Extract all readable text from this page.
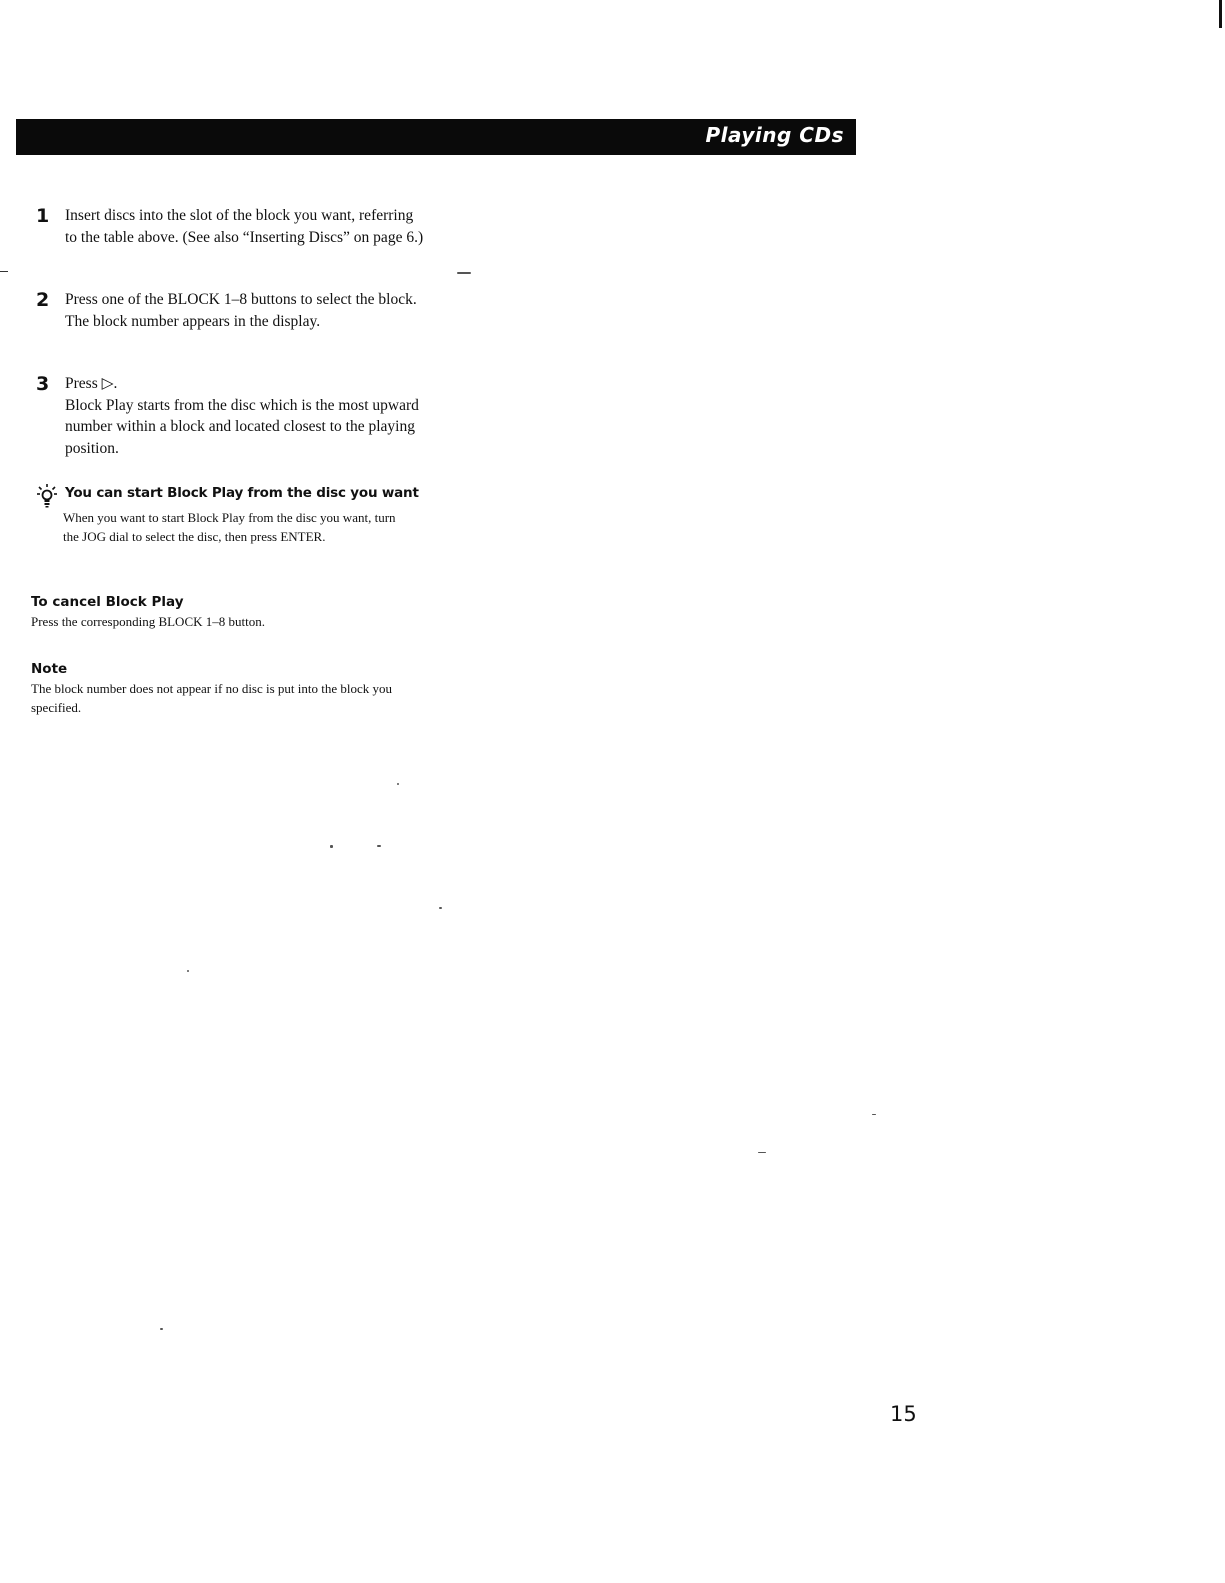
Playing CDs
1 Insert discs into the slot of the block you want, referring to the table above. (See also “Inserting Discs” on page 6.)

2 Press one of the BLOCK 1–8 buttons to select the block.

The block number appears in the display.

3 Press ▷.

Block Play starts from the disc which is the most upward number within a block and located closest to the playing position.

You can start Block Play from the disc you want
When you want to start Block Play from the disc you want, turn the JOG dial to select the disc, then press ENTER.

To cancel Block Play

Press the corresponding BLOCK 1–8 button.

Note

The block number does not appear if no disc is put into the block you specified.

15
